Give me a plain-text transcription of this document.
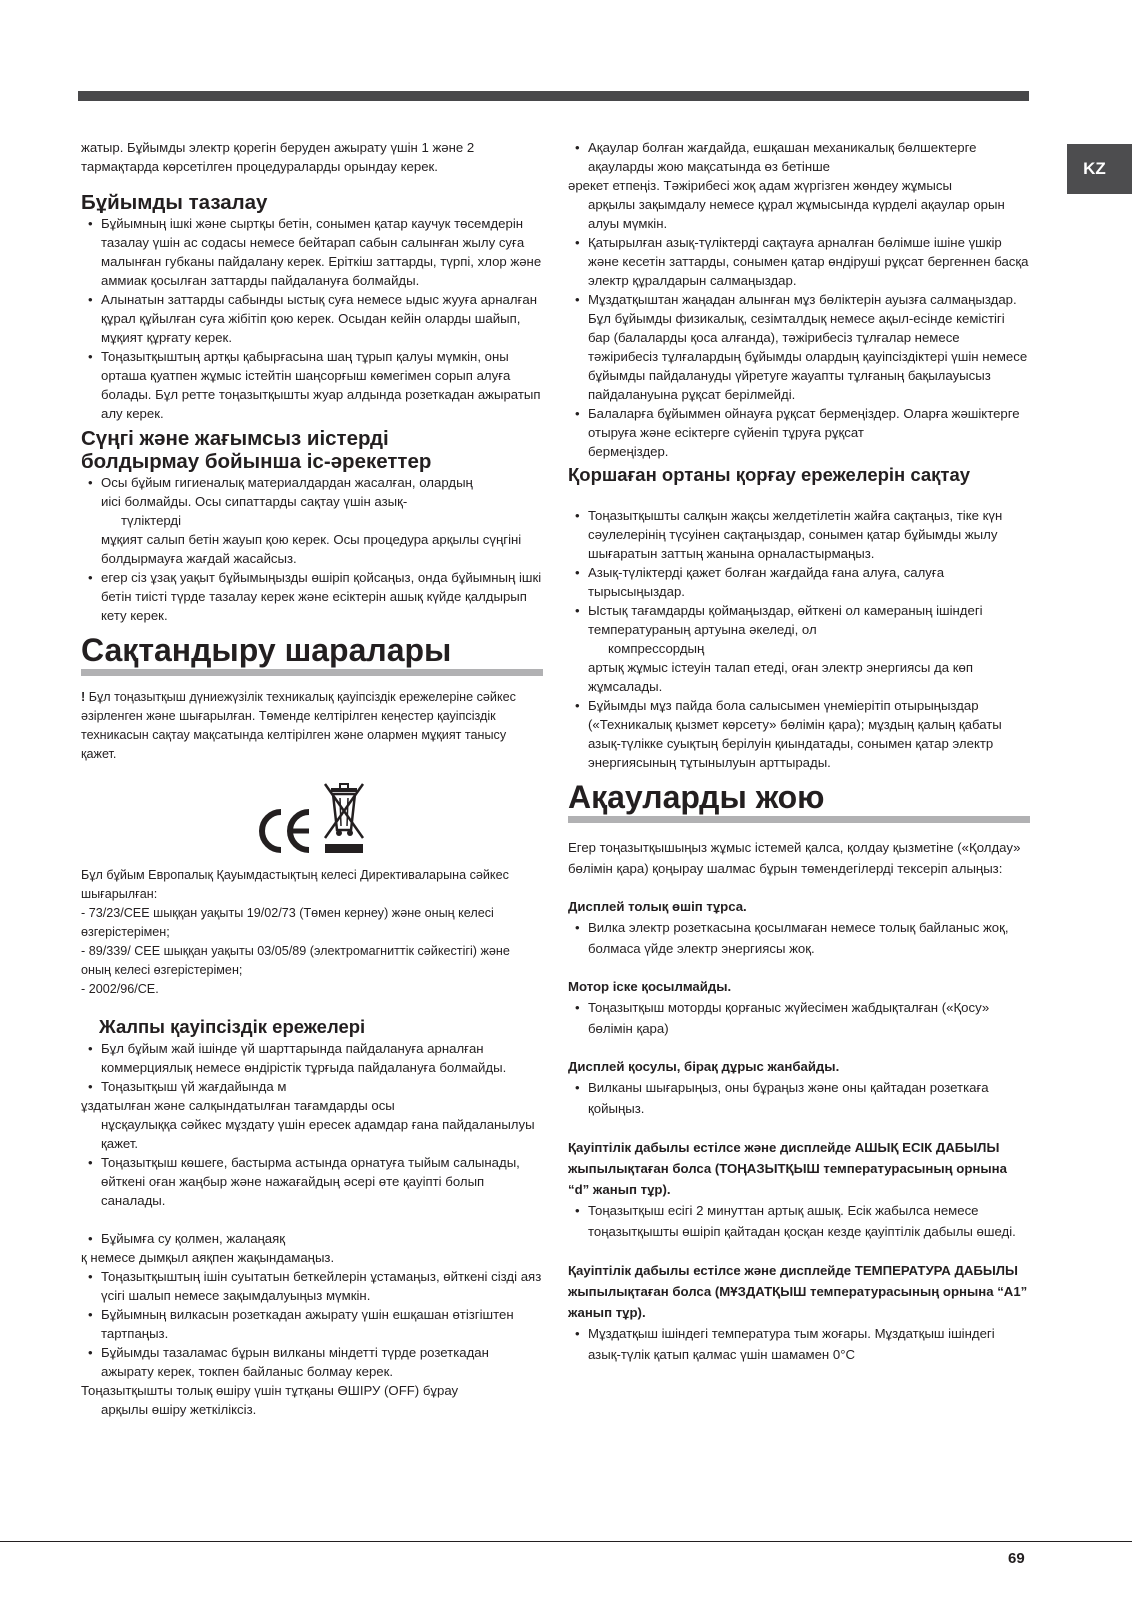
KZ

жатыр. Бұйымды электр қорегін беруден ажырату үшін 1 және 2 тармақтарда көрсетілген процедураларды орындау керек.

Бұйымды тазалау
• Бұйымның ішкі және сыртқы бетін, сонымен қатар каучук төсемдерін тазалау үшін ас содасы немесе бейтарап сабын салынған жылу суға малынған губканы пайдалану керек. Еріткіш заттарды, түрпі, хлор және аммиак қосылған заттарды пайдалануға болмайды.
• Алынатын заттарды сабынды ыстық суға немесе ыдыс жууға арналған құрал құйылған суға жібітіп қою керек. Осыдан кейін оларды шайып, мұқият құрғату керек.
• Тоңазытқыштың артқы қабырғасына шаң тұрып қалуы мүмкін, оны орташа қуатпен жұмыс істейтін шаңсорғыш көмегімен сорып алуға болады. Бұл ретте тоңазытқышты жуар алдында розеткадан ажыратып алу керек.
Сүңгі және жағымсыз иістерді
болдырмау бойынша іс-әрекеттер
• Осы бұйым гигиеналық материалдардан жасалған, олардың

иісі болмайды. Осы сипаттарды сақтау үшін азық-

түліктерді

мұқият салып бетін жауып қою керек. Осы процедура арқылы сүңгіні болдырмауға жағдай жасайсыз.

• егер сіз ұзақ уақыт бұйымыңызды өшіріп қойсаңыз, онда бұйымның ішкі бетін тиісті түрде тазалау керек және есіктерін ашық күйде қалдырып кету керек.
Сақтандыру шаралары

! Бұл тоңазытқыш дүниежүзілік техникалық қауіпсіздік ережелеріне сәйкес әзірленген және шығарылған. Төменде келтірілген кеңестер қауіпсіздік техникасын сақтау мақсатында келтірілген және олармен мұқият танысу қажет.

Бұл бұйым Европалық Қауымдастықтың келесі Директиваларына сәйкес шығарылған:

- 73/23/CEE шыққан уақыты 19/02/73 (Төмен кернеу) және оның келесі өзгерістерімен;

- 89/339/ CEE шыққан уақыты 03/05/89 (электромагниттік сәйкестігі) және оның келесі өзгерістерімен;

- 2002/96/CE.

Жалпы қауіпсіздік ережелері
• Бұл бұйым жай ішінде үй шарттарында пайдалануға арналған коммерциялық немесе өндірістік тұрғыда пайдалануға болмайды.
• Тоңазытқыш үй жағдайында м

ұздатылған және салқындатылған тағамдарды осы

нұсқаулыққа сәйкес мұздату үшін ересек адамдар ғана пайдаланылуы қажет.

• Тоңазытқыш көшеге, бастырма астында орнатуға тыйым салынады, өйткені оған жаңбыр және нажағайдың әсері өте қауіпті болып саналады.
• Бұйымға су қолмен, жалаңаяқ

қ немесе дымқыл аяқпен жақындамаңыз.

• Тоңазытқыштың ішін суытатын беткейлерін ұстамаңыз, өйткені сізді аяз үсігі шалып немесе зақымдалуыңыз мүмкін.
• Бұйымның вилкасын розеткадан ажырату үшін ешқашан өтізгіштен тартпаңыз.
• Бұйымды тазаламас бұрын вилканы міндетті түрде розеткадан ажырату керек, токпен байланыс болмау керек.

Тоңазытқышты толық өшіру үшін тұтқаны ӨШІРУ (OFF) бұрау

арқылы өшіру жеткіліксіз.

• Ақаулар болған жағдайда, ешқашан механикалық бөлшектерге ақауларды жою мақсатында өз бетінше

әрекет етпеңіз. Тәжірибесі жоқ адам жүргізген жөндеу жұмысы

арқылы зақымдалу немесе құрал жұмысында күрделі ақаулар орын алуы мүмкін.

• Қатырылған азық-түліктерді сақтауға арналған бөлімше ішіне үшкір және кесетін заттарды, сонымен қатар өндіруші рұқсат бергеннен басқа электр құралдарын салмаңыздар.
• Мұздатқыштан жаңадан алынған мұз бөліктерін ауызға салмаңыздар. Бұл бұйымды физикалық, сезімталдық немесе ақыл-есінде кемістігі бар (балаларды қоса алғанда), тәжірибесіз тұлғалар немесе тәжірибесіз тұлғалардың бұйымды олардың қауіпсіздіктері үшін немесе бұйымды пайдалануды үйретуге жауапты тұлғаның бақылауысыз пайдалануына рұқсат берілмейді.
• Балаларға бұйыммен ойнауға рұқсат бермеңіздер. Оларға жәшіктерге отыруға және есіктерге сүйеніп тұруға рұқсат

бермеңіздер.

Қоршаған ортаны қорғау ережелерін сақтау
• Тоңазытқышты салқын жақсы желдетілетін жайға сақтаңыз, тіке күн сәулелерінің түсуінен сақтаңыздар, сонымен қатар бұйымды жылу шығаратын заттың жанына орналастырмаңыз.
• Азық-түліктерді қажет болған жағдайда ғана алуға, салуға тырысыңыздар.
• Ыстық тағамдарды қоймаңыздар, өйткені ол камераның ішіндегі температураның артуына әкеледі, ол

компрессордың

артық жұмыс істеуін талап етеді, оған электр энергиясы да көп жұмсалады.

• Бұйымды мұз пайда бола салысымен үнеміерітіп отырыңыздар («Техникалық қызмет көрсету» бөлімін қара); мұздың қалың қабаты азық-түлікке суықтың берілуін қиындатады, сонымен қатар электр энергиясының тұтынылуын арттырады.
Ақауларды жою

Егер тоңазытқышыңыз жұмыс істемей қалса, қолдау қызметіне («Қолдау» бөлімін қара) қоңырау шалмас бұрын төмендегілерді тексеріп алыңыз:

Дисплей толық өшіп тұрса.

• Вилка электр розеткасына қосылмаған немесе толық байланыс жоқ, болмаса үйде электр энергиясы жоқ.

Мотор іске қосылмайды.

• Тоңазытқыш моторды қорғаныс жүйесімен жабдықталған («Қосу» бөлімін қара)

Дисплей қосулы, бірақ дұрыс жанбайды.

• Вилканы шығарыңыз, оны бұраңыз және оны қайтадан розеткаға қойыңыз.

Қауіптілік дабылы естілсе және дисплейде АШЫҚ ЕСІК ДАБЫЛЫ жыпылықтаған болса (ТОҢАЗЫТҚЫШ температурасының орнына “d” жанып тұр).

• Тоңазытқыш есігі 2 минуттан артық ашық. Есік жабылса немесе тоңазытқышты өшіріп қайтадан қосқан кезде қауіптілік дабылы өшеді.

Қауіптілік дабылы естілсе және дисплейде ТЕМПЕРАТУРА ДАБЫЛЫ жыпылықтаған болса (МҰЗДАТҚЫШ температурасының орнына “A1” жанып тұр).

• Мұздатқыш ішіндегі температура тым жоғары. Мұздатқыш ішіндегі азық-түлік қатып қалмас үшін шамамен 0°C
69
